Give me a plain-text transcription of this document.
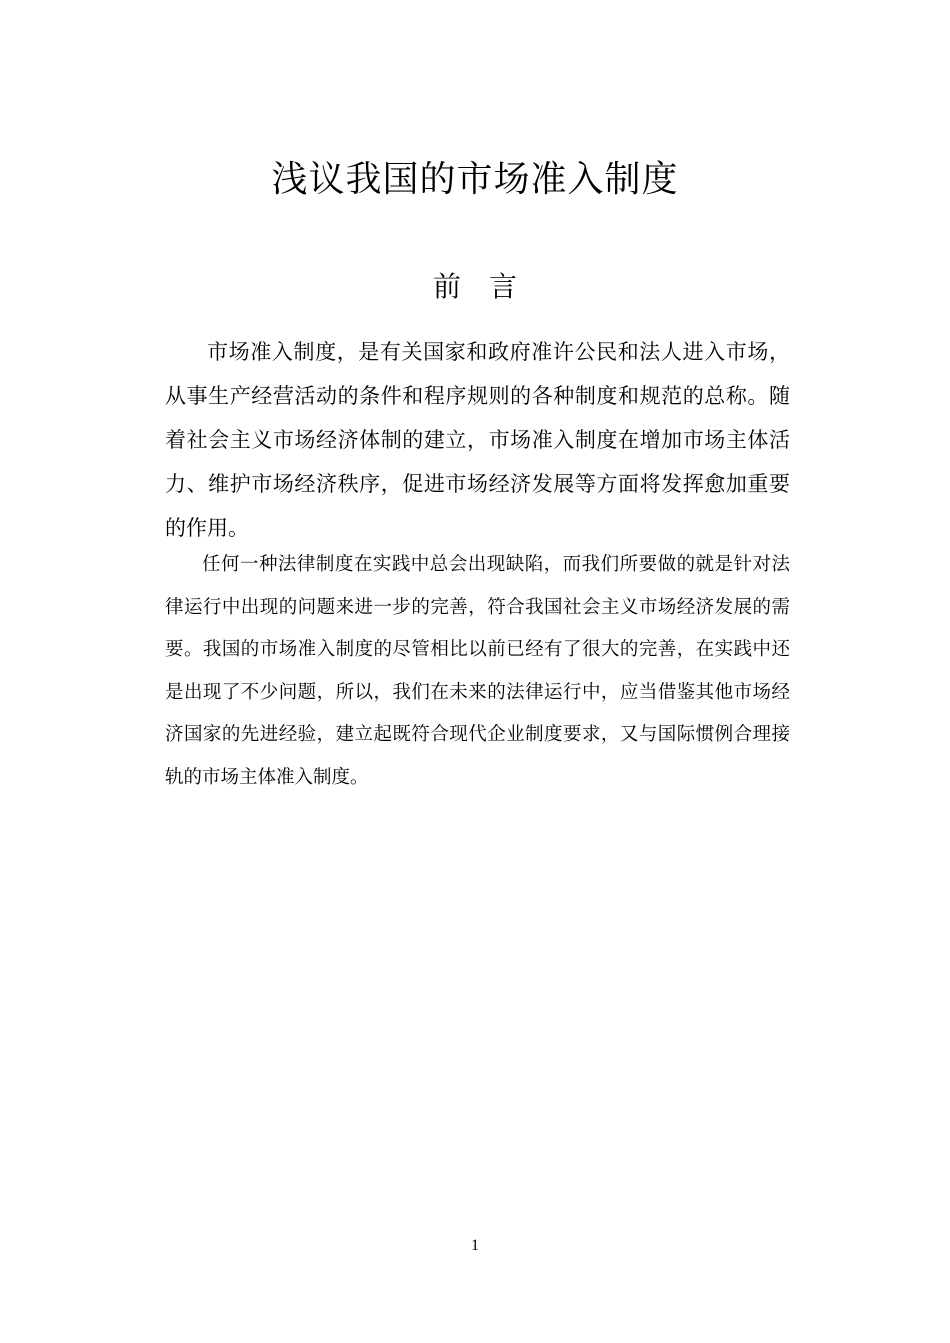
浅议我国的市场准入制度
前言

市场准入制度，是有关国家和政府准许公民和法人进入市场，从事生产经营活动的条件和程序规则的各种制度和规范的总称。随着社会主义市场经济体制的建立，市场准入制度在增加市场主体活力、维护市场经济秩序，促进市场经济发展等方面将发挥愈加重要的作用。

任何一种法律制度在实践中总会出现缺陷，而我们所要做的就是针对法律运行中出现的问题来进一步的完善，符合我国社会主义市场经济发展的需要。我国的市场准入制度的尽管相比以前已经有了很大的完善，在实践中还是出现了不少问题，所以，我们在未来的法律运行中，应当借鉴其他市场经济国家的先进经验，建立起既符合现代企业制度要求，又与国际惯例合理接轨的市场主体准入制度。

1
